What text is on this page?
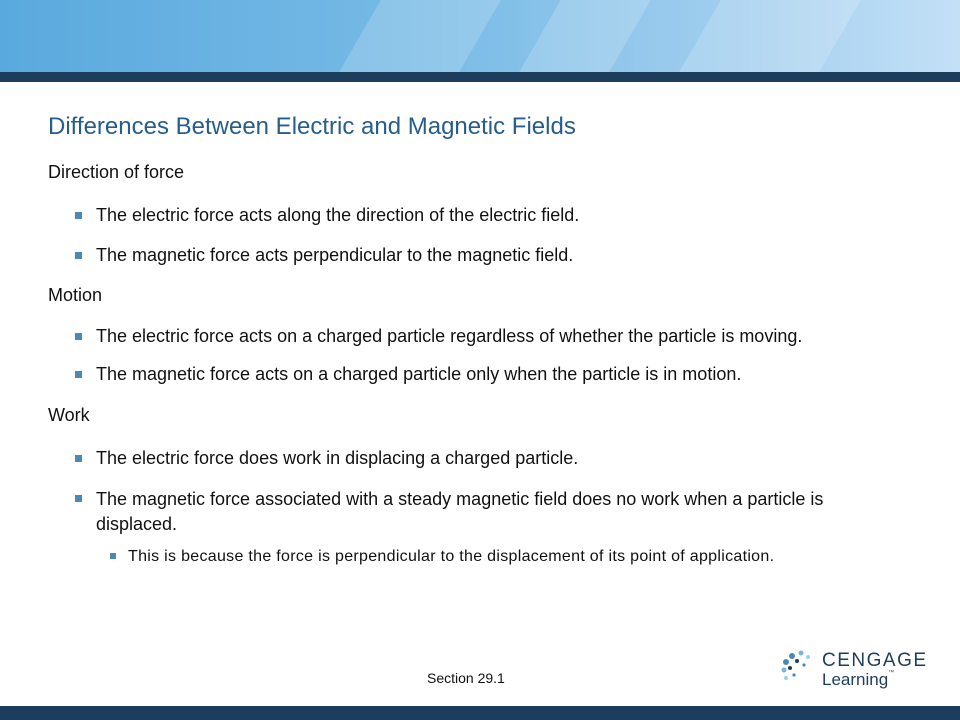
Differences Between Electric and Magnetic Fields
Direction of force
The electric force acts along the direction of the electric field.
The magnetic force acts perpendicular to the magnetic field.
Motion
The electric force acts on a charged particle regardless of whether the particle is moving.
The magnetic force acts on a charged particle only when the particle is in motion.
Work
The electric force does work in displacing a charged particle.
The magnetic force associated with a steady magnetic field does no work when a particle is displaced.
This is because the force is perpendicular to the displacement of its point of application.
Section 29.1
CENGAGE
Learning™
